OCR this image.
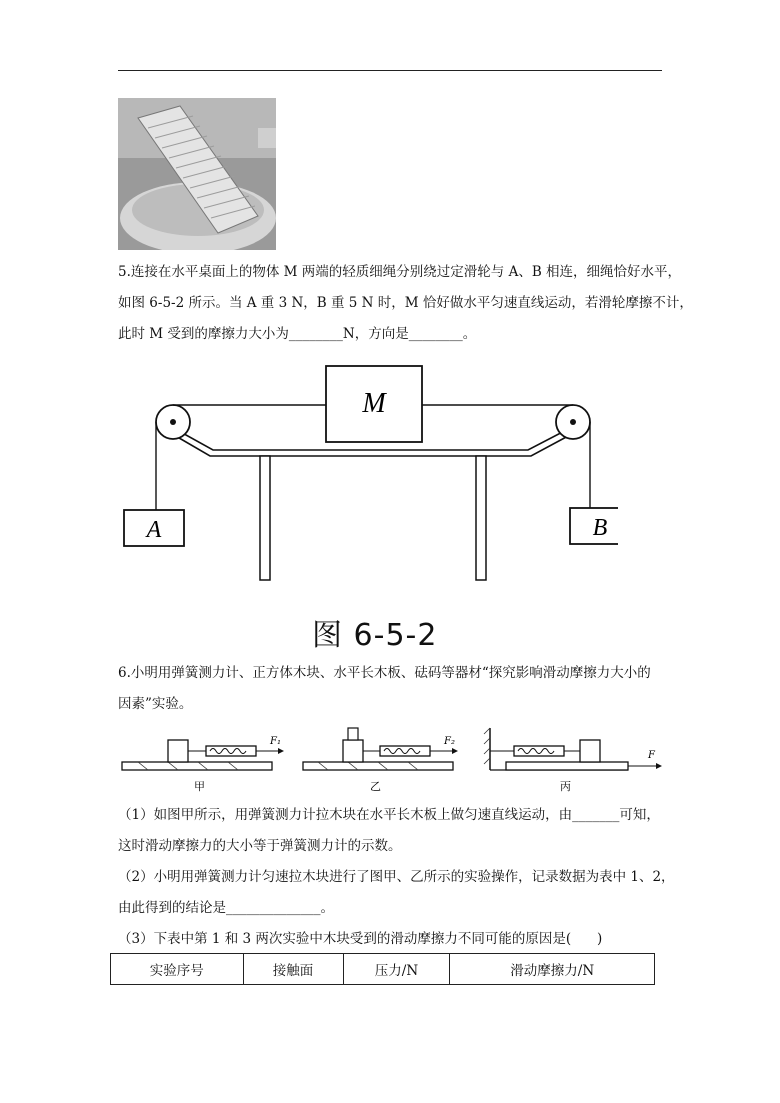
5.连接在水平桌面上的物体 M 两端的轻质细绳分别绕过定滑轮与 A、B 相连，细绳恰好水平，
如图 6-5-2 所示。当 A 重 3 N，B 重 5 N 时，M 恰好做水平匀速直线运动，若滑轮摩擦不计，
此时 M 受到的摩擦力大小为________N，方向是________。
M
A	B
图 6-5-2
6.小明用弹簧测力计、正方体木块、水平长木板、砝码等器材“探究影响滑动摩擦力大小的
因素”实验。
F₁
甲
F₂
乙
F
丙
（1）如图甲所示，用弹簧测力计拉木块在水平长木板上做匀速直线运动，由_______可知，
这时滑动摩擦力的大小等于弹簧测力计的示数。
（2）小明用弹簧测力计匀速拉木块进行了图甲、乙所示的实验操作，记录数据为表中 1、2，
由此得到的结论是______________。
（3）下表中第 1 和 3 两次实验中木块受到的滑动摩擦力不同可能的原因是(      )
实验序号	接触面	压力/N	滑动摩擦力/N
